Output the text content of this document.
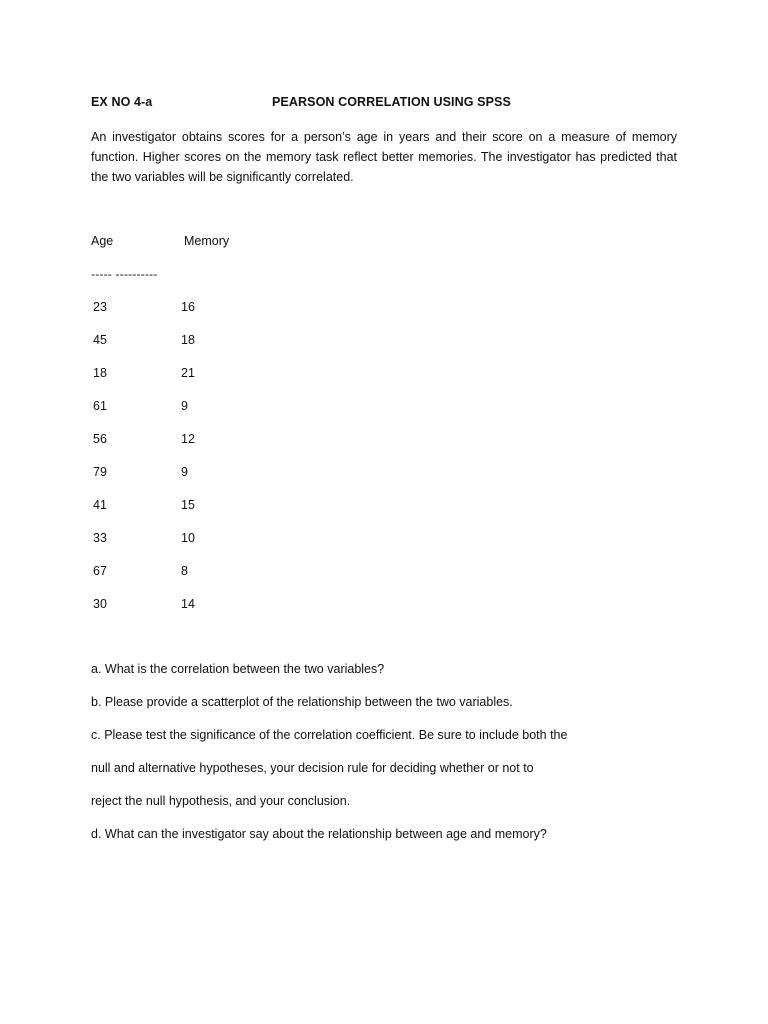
EX NO 4-a	PEARSON CORRELATION USING SPSS
An investigator obtains scores for a person’s age in years and their score on a measure of memory function. Higher scores on the memory task reflect better memories. The investigator has predicted that the two variables will be significantly correlated.
Age	Memory
----- ----------
23	16
45	18
18	21
61	9
56	12
79	9
41	15
33	10
67	8
30	14
a. What is the correlation between the two variables?
b. Please provide a scatterplot of the relationship between the two variables.
c. Please test the significance of the correlation coefficient. Be sure to include both the
null and alternative hypotheses, your decision rule for deciding whether or not to
reject the null hypothesis, and your conclusion.
d. What can the investigator say about the relationship between age and memory?
